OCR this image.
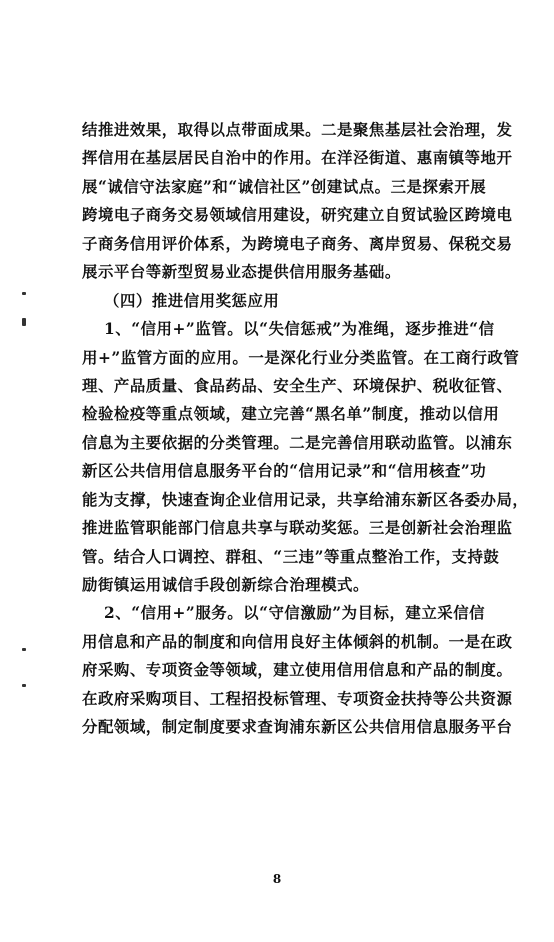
结推进效果，取得以点带面成果。二是聚焦基层社会治理，发
挥信用在基层居民自治中的作用。在洋泾街道、惠南镇等地开
展“诚信守法家庭”和“诚信社区”创建试点。三是探索开展
跨境电子商务交易领域信用建设，研究建立自贸试验区跨境电
子商务信用评价体系，为跨境电子商务、离岸贸易、保税交易
展示平台等新型贸易业态提供信用服务基础。
（四）推进信用奖惩应用
1、“信用+”监管。以“失信惩戒”为准绳，逐步推进“信
用+”监管方面的应用。一是深化行业分类监管。在工商行政管
理、产品质量、食品药品、安全生产、环境保护、税收征管、
检验检疫等重点领域，建立完善“黑名单”制度，推动以信用
信息为主要依据的分类管理。二是完善信用联动监管。以浦东
新区公共信用信息服务平台的“信用记录”和“信用核查”功
能为支撑，快速查询企业信用记录，共享给浦东新区各委办局，
推进监管职能部门信息共享与联动奖惩。三是创新社会治理监
管。结合人口调控、群租、“三违”等重点整治工作，支持鼓
励街镇运用诚信手段创新综合治理模式。
2、“信用+”服务。以“守信激励”为目标，建立采信信
用信息和产品的制度和向信用良好主体倾斜的机制。一是在政
府采购、专项资金等领域，建立使用信用信息和产品的制度。
在政府采购项目、工程招投标管理、专项资金扶持等公共资源
分配领域，制定制度要求查询浦东新区公共信用信息服务平台
8
